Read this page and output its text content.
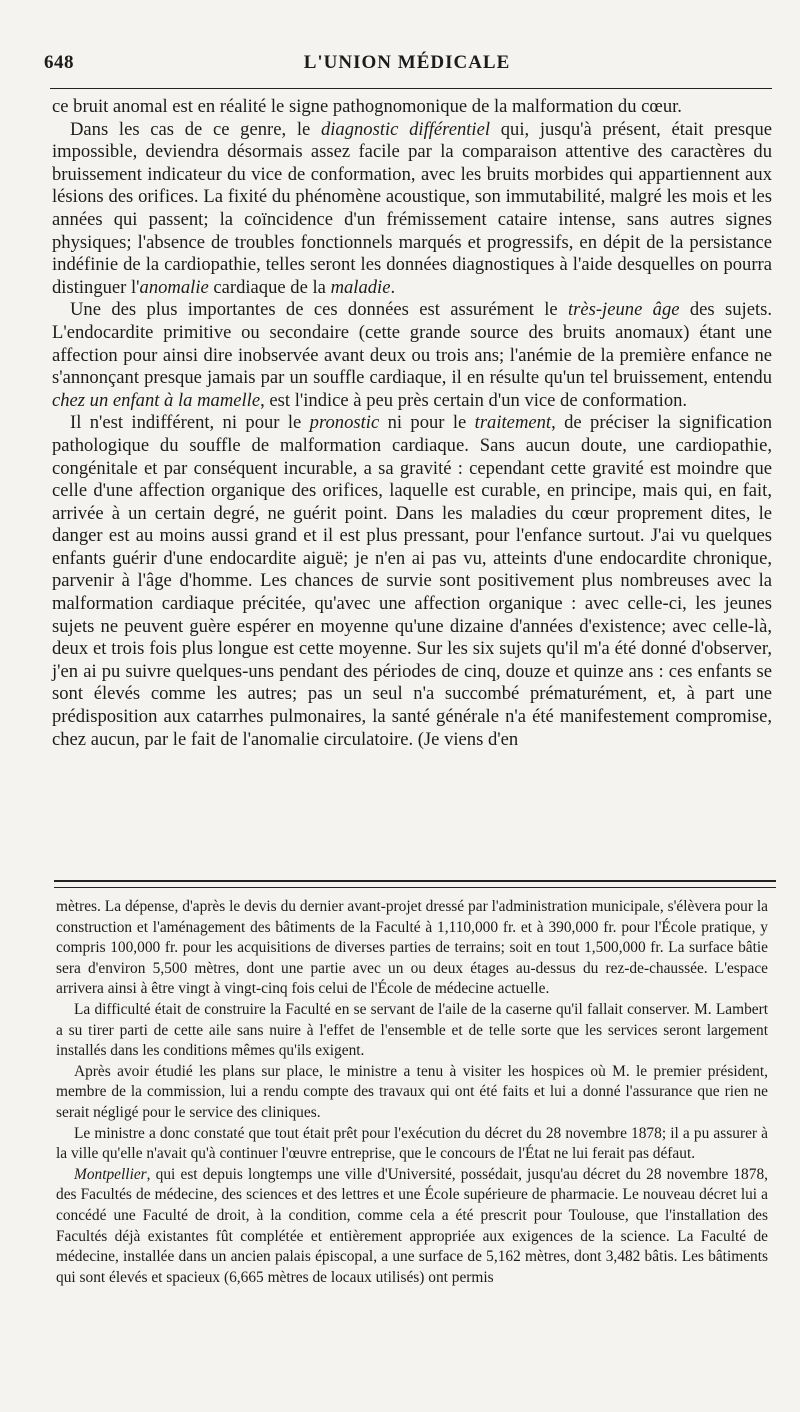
648	L'UNION MÉDICALE

ce bruit anomal est en réalité le signe pathognomonique de la malformation du cœur.

Dans les cas de ce genre, le diagnostic différentiel qui, jusqu'à présent, était presque impossible, deviendra désormais assez facile par la comparaison attentive des caractères du bruissement indicateur du vice de conformation, avec les bruits morbides qui appartiennent aux lésions des orifices. La fixité du phénomène acoustique, son immutabilité, malgré les mois et les années qui passent; la coïncidence d'un frémissement cataire intense, sans autres signes physiques; l'absence de troubles fonctionnels marqués et progressifs, en dépit de la persistance indéfinie de la cardiopathie, telles seront les données diagnostiques à l'aide desquelles on pourra distinguer l'anomalie cardiaque de la maladie.

Une des plus importantes de ces données est assurément le très-jeune âge des sujets. L'endocardite primitive ou secondaire (cette grande source des bruits anomaux) étant une affection pour ainsi dire inobservée avant deux ou trois ans; l'anémie de la première enfance ne s'annonçant presque jamais par un souffle cardiaque, il en résulte qu'un tel bruissement, entendu chez un enfant à la mamelle, est l'indice à peu près certain d'un vice de conformation.

Il n'est indifférent, ni pour le pronostic ni pour le traitement, de préciser la signification pathologique du souffle de malformation cardiaque. Sans aucun doute, une cardiopathie, congénitale et par conséquent incurable, a sa gravité : cependant cette gravité est moindre que celle d'une affection organique des orifices, laquelle est curable, en principe, mais qui, en fait, arrivée à un certain degré, ne guérit point. Dans les maladies du cœur proprement dites, le danger est au moins aussi grand et il est plus pressant, pour l'enfance surtout. J'ai vu quelques enfants guérir d'une endocardite aiguë; je n'en ai pas vu, atteints d'une endocardite chronique, parvenir à l'âge d'homme. Les chances de survie sont positivement plus nombreuses avec la malformation cardiaque précitée, qu'avec une affection organique : avec celle-ci, les jeunes sujets ne peuvent guère espérer en moyenne qu'une dizaine d'années d'existence; avec celle-là, deux et trois fois plus longue est cette moyenne. Sur les six sujets qu'il m'a été donné d'observer, j'en ai pu suivre quelques-uns pendant des périodes de cinq, douze et quinze ans : ces enfants se sont élevés comme les autres; pas un seul n'a succombé prématurément, et, à part une prédisposition aux catarrhes pulmonaires, la santé générale n'a été manifestement compromise, chez aucun, par le fait de l'anomalie circulatoire. (Je viens d'en

mètres. La dépense, d'après le devis du dernier avant-projet dressé par l'administration municipale, s'élèvera pour la construction et l'aménagement des bâtiments de la Faculté à 1,110,000 fr. et à 390,000 fr. pour l'École pratique, y compris 100,000 fr. pour les acquisitions de diverses parties de terrains; soit en tout 1,500,000 fr. La surface bâtie sera d'environ 5,500 mètres, dont une partie avec un ou deux étages au-dessus du rez-de-chaussée. L'espace arrivera ainsi à être vingt à vingt-cinq fois celui de l'École de médecine actuelle.

La difficulté était de construire la Faculté en se servant de l'aile de la caserne qu'il fallait conserver. M. Lambert a su tirer parti de cette aile sans nuire à l'effet de l'ensemble et de telle sorte que les services seront largement installés dans les conditions mêmes qu'ils exigent.

Après avoir étudié les plans sur place, le ministre a tenu à visiter les hospices où M. le premier président, membre de la commission, lui a rendu compte des travaux qui ont été faits et lui a donné l'assurance que rien ne serait négligé pour le service des cliniques.

Le ministre a donc constaté que tout était prêt pour l'exécution du décret du 28 novembre 1878; il a pu assurer à la ville qu'elle n'avait qu'à continuer l'œuvre entreprise, que le concours de l'État ne lui ferait pas défaut.

Montpellier, qui est depuis longtemps une ville d'Université, possédait, jusqu'au décret du 28 novembre 1878, des Facultés de médecine, des sciences et des lettres et une École supérieure de pharmacie. Le nouveau décret lui a concédé une Faculté de droit, à la condition, comme cela a été prescrit pour Toulouse, que l'installation des Facultés déjà existantes fût complétée et entièrement appropriée aux exigences de la science. La Faculté de médecine, installée dans un ancien palais épiscopal, a une surface de 5,162 mètres, dont 3,482 bâtis. Les bâtiments qui sont élevés et spacieux (6,665 mètres de locaux utilisés) ont permis
